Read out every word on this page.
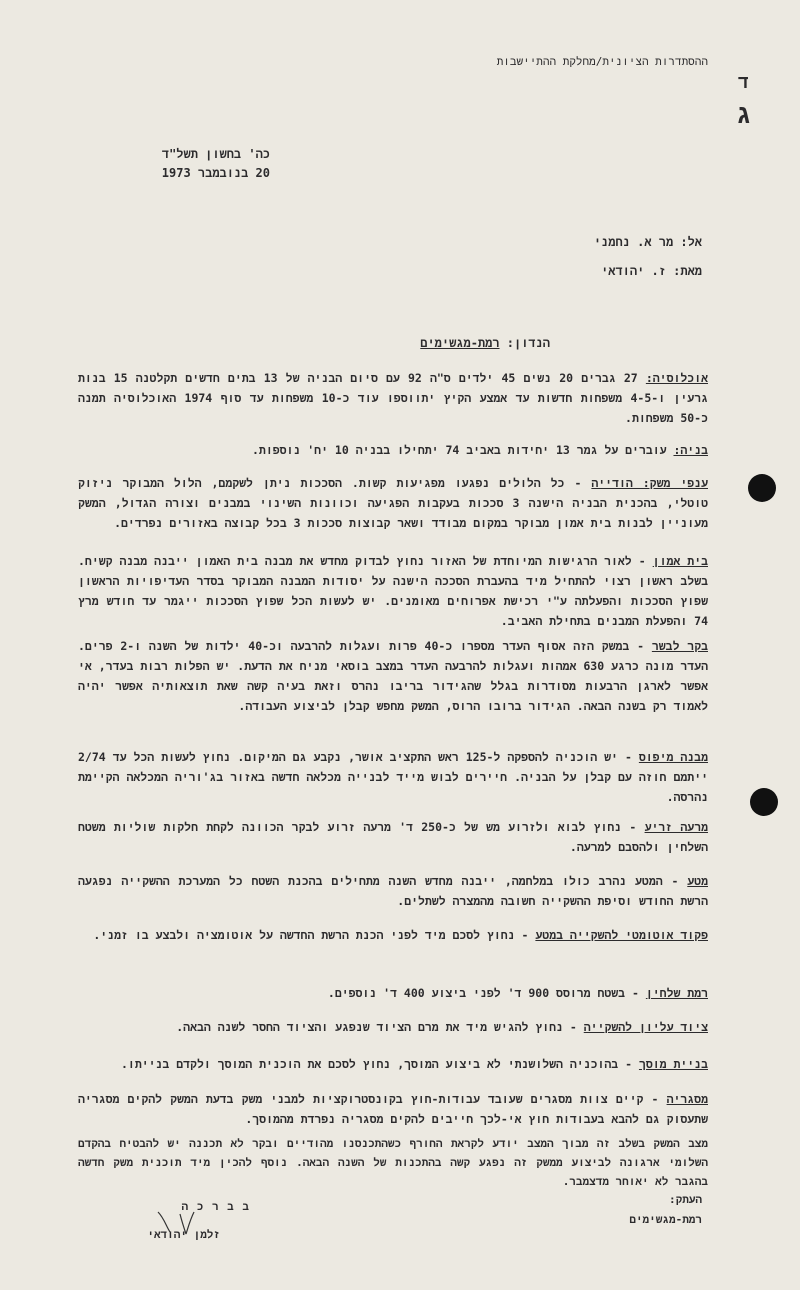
ההסתדרות הציונית/מחלקת ההתיישבות
ד
ג
כה' בחשון תשל"ד
20 בנובמבר 1973
אל: מר א. נחמני
מאת: ז. יהודאי
הנדון: רמת-מגשימים
אוכלוסיה: 27 גברים 20 נשים 45 ילדים ס"ה 92 עם סיום הבניה של 13 בתים חדשים תקלטנה 15 בנות גרעין ו-4-5 משפחות חדשות עד אמצע הקיץ יתווספו עוד כ-10 משפחות עד סוף 1974 האוכלוסיה תמנה כ-50 משפחות.
בניה: עוברים על גמר 13 יחידות באביב 74 יתחילו בבניה 10 יח' נוספות.
ענפי משק: הודייה - כל הלולים נפגעו מפגיעות קשות. הסככות ניתן לשקמם, הלול המבוקר ניזוק טוטלי, בהכנית הבניה הישנה 3 סככות בעקבות הפגיעה וכוונות השינוי במבנים וצורה הגדול, המשק מעוניין לבנות בית אמון מבוקר במקום מבודד ושאר קבוצות סככות 3 בכל קבוצה באזורים נפרדים.
בית אמון - לאור הרגישות המיוחדת של האזור נחוץ לבדוק מחדש את מבנה בית האמון ייבנה מבנה קשיח. בשלב ראשון רצוי להתחיל מיד בהעברת הסככה הישנה על יסודות המבנה המבוקר בסדר העדיפויות הראשון שפוץ הסככות והפעלתה ע"י רכישת אפרוחים מאומנים. יש לעשות הכל שפוץ הסככות ייגמר עד חודש מרץ 74 והפעלת המבנים בתחילת האביב.
בקר לבשר - במשק הזה אסוף העדר מספרו כ-40 פרות ועגלות להרבעה וכ-40 ילדות של השנה ו-2 פרים. העדר מונה כרגע 630 אמהות ועגלות להרבעה העדר במצב בוסאי מניח את הדעת. יש הפלות רבות בעדר, אי אפשר לארגן הרבעות מסודרות בגלל שהגידור בריבו נהרס וזאת בעיה קשה שאת תוצאותיה אפשר יהיה לאמוד רק בשנה הבאה. הגידור ברובו הרוס, המשק מחפש קבלן לביצוע העבודה.
מבנה מיפוס - יש הוכניה להספקה ל-125 ראש התקציב אושר, נקבע גם המיקום. נחוץ לעשות הכל עד 2/74 ייתמם חוזה עם קבלן על הבניה. חיירים לבוש מייד לבנייה מכלאה חדשה באזור בג'וריה המכלאה הקיימת נהרסה.
מרעה זריע - נחוץ לבוא ולזרוע מש של כ-250 ד' מרעה זרוע לבקר הכוונה לקחת חלקות שוליות משטח השלחין ולהסבם למרעה.
מטע - המטע נהרב כולו במלחמה, ייבנה מחדש השנה מתחילים בהכנת השטח כל המערכת ההשקייה נפגעה הרשת החודש וסיפת ההשקייה חשובה מהמצרה לשתלים.
פקוד אוטומטי להשקייה במטע - נחוץ לסכם מיד לפני הכנת הרשת החדשה על אוטומציה ולבצע בו זמני.
רמת שלחין - בשטח מרוסס 900 ד' לפני ביצוע 400 ד' נוספים.
ציוד עליון להשקייה - נחוץ להגיש מיד את מרם הציוד שנפגע והציוד החסר לשנה הבאה.
בניית מוסך - בהוכניה השלושנתי לא ביצוע המוסך, נחוץ לסכם את הוכנית המוסך ולקדם בנייתו.
מסגריה - קיים צוות מסגרים שעובד עבודות-חוץ בקונסטרוקציות למבני משק בדעת המשק להקים מסגריה שתעסוק גם להבא בעבודות חוץ אי-לכך חייבים להקים מסגריה נפרדת מהמוסך.
מצב המשק בשלב זה מבוך המצב יודע לקראת החורף כשהתכנסנו מהודיים ובקר לא תכננה יש להבטיח בהקדם השלומי ארגונה לביצוע ממשק זה נפגע קשה בהתכנות של השנה הבאה. נוסף להכין מיד תוכנית משק חדשה בהגבר לא יאוחר מדצמבר.
העתק:
רמת-מגשימים
ב ב ר כ ה
זלמן יהודאי
